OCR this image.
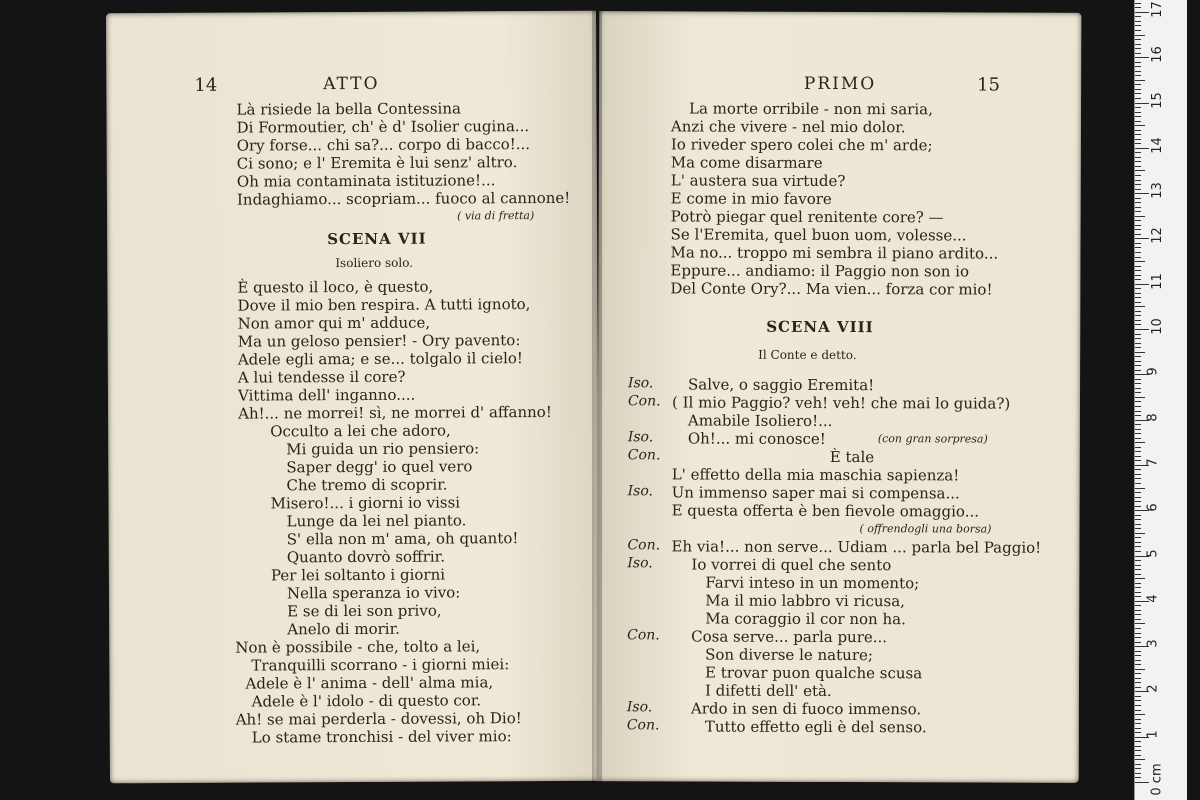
14	ATTO
Là risiede la bella Contessina
Di Formoutier, ch' è d' Isolier cugina...
Ory forse... chi sa?... corpo di bacco!...
Ci sono; e l' Eremita è lui senz' altro.
Oh mia contaminata istituzione!...
Indaghiamo... scopriam... fuoco al cannone!
( via di fretta)
SCENA VII
Isoliero solo.
È questo il loco, è questo,
Dove il mio ben respira. A tutti ignoto,
Non amor qui m' adduce,
Ma un geloso pensier! - Ory pavento:
Adele egli ama; e se... tolgalo il cielo!
A lui tendesse il core?
Vittima dell' inganno....
Ah!... ne morrei! sì, ne morrei d' affanno!
Occulto a lei che adoro,
Mi guida un rio pensiero:
Saper degg' io quel vero
Che tremo di scoprir.
Misero!... i giorni io vissi
Lunge da lei nel pianto.
S' ella non m' ama, oh quanto!
Quanto dovrò soffrir.
Per lei soltanto i giorni
Nella speranza io vivo:
E se di lei son privo,
Anelo di morir.
Non è possibile - che, tolto a lei,
Tranquilli scorrano - i giorni miei:
Adele è l' anima - dell' alma mia,
Adele è l' idolo - di questo cor.
Ah! se mai perderla - dovessi, oh Dio!
Lo stame tronchisi - del viver mio:
PRIMO	15
La morte orribile - non mi saria,
Anzi che vivere - nel mio dolor.
Io riveder spero colei che m' arde;
Ma come disarmare
L' austera sua virtude?
E come in mio favore
Potrò piegar quel renitente core? —
Se l'Eremita, quel buon uom, volesse...
Ma no... troppo mi sembra il piano ardito...
Eppure... andiamo: il Paggio non son io
Del Conte Ory?... Ma vien... forza cor mio!
SCENA VIII
Il Conte e detto.
Iso. Salve, o saggio Eremita!
Con. ( Il mio Paggio? veh! veh! che mai lo guida?)
Amabile Isoliero!...
Iso. Oh!... mi conosce!	(con gran sorpresa)
Con.	È tale
L' effetto della mia maschia sapienza!
Iso. Un immenso saper mai si compensa...
E questa offerta è ben fievole omaggio...
( offrendogli una borsa)
Con. Eh via!... non serve... Udiam ... parla bel Paggio!
Iso.	Io vorrei di quel che sento
Farvi inteso in un momento;
Ma il mio labbro vi ricusa,
Ma coraggio il cor non ha.
Con. Cosa serve... parla pure...
Son diverse le nature;
E trovar puon qualche scusa
I difetti dell' età.
Iso.	Ardo in sen di fuoco immenso.
Con.	Tutto effetto egli è del senso.
0 cm
1
2
3
4
5
6
7
8
9
10
11
12
13
14
15
16
17
